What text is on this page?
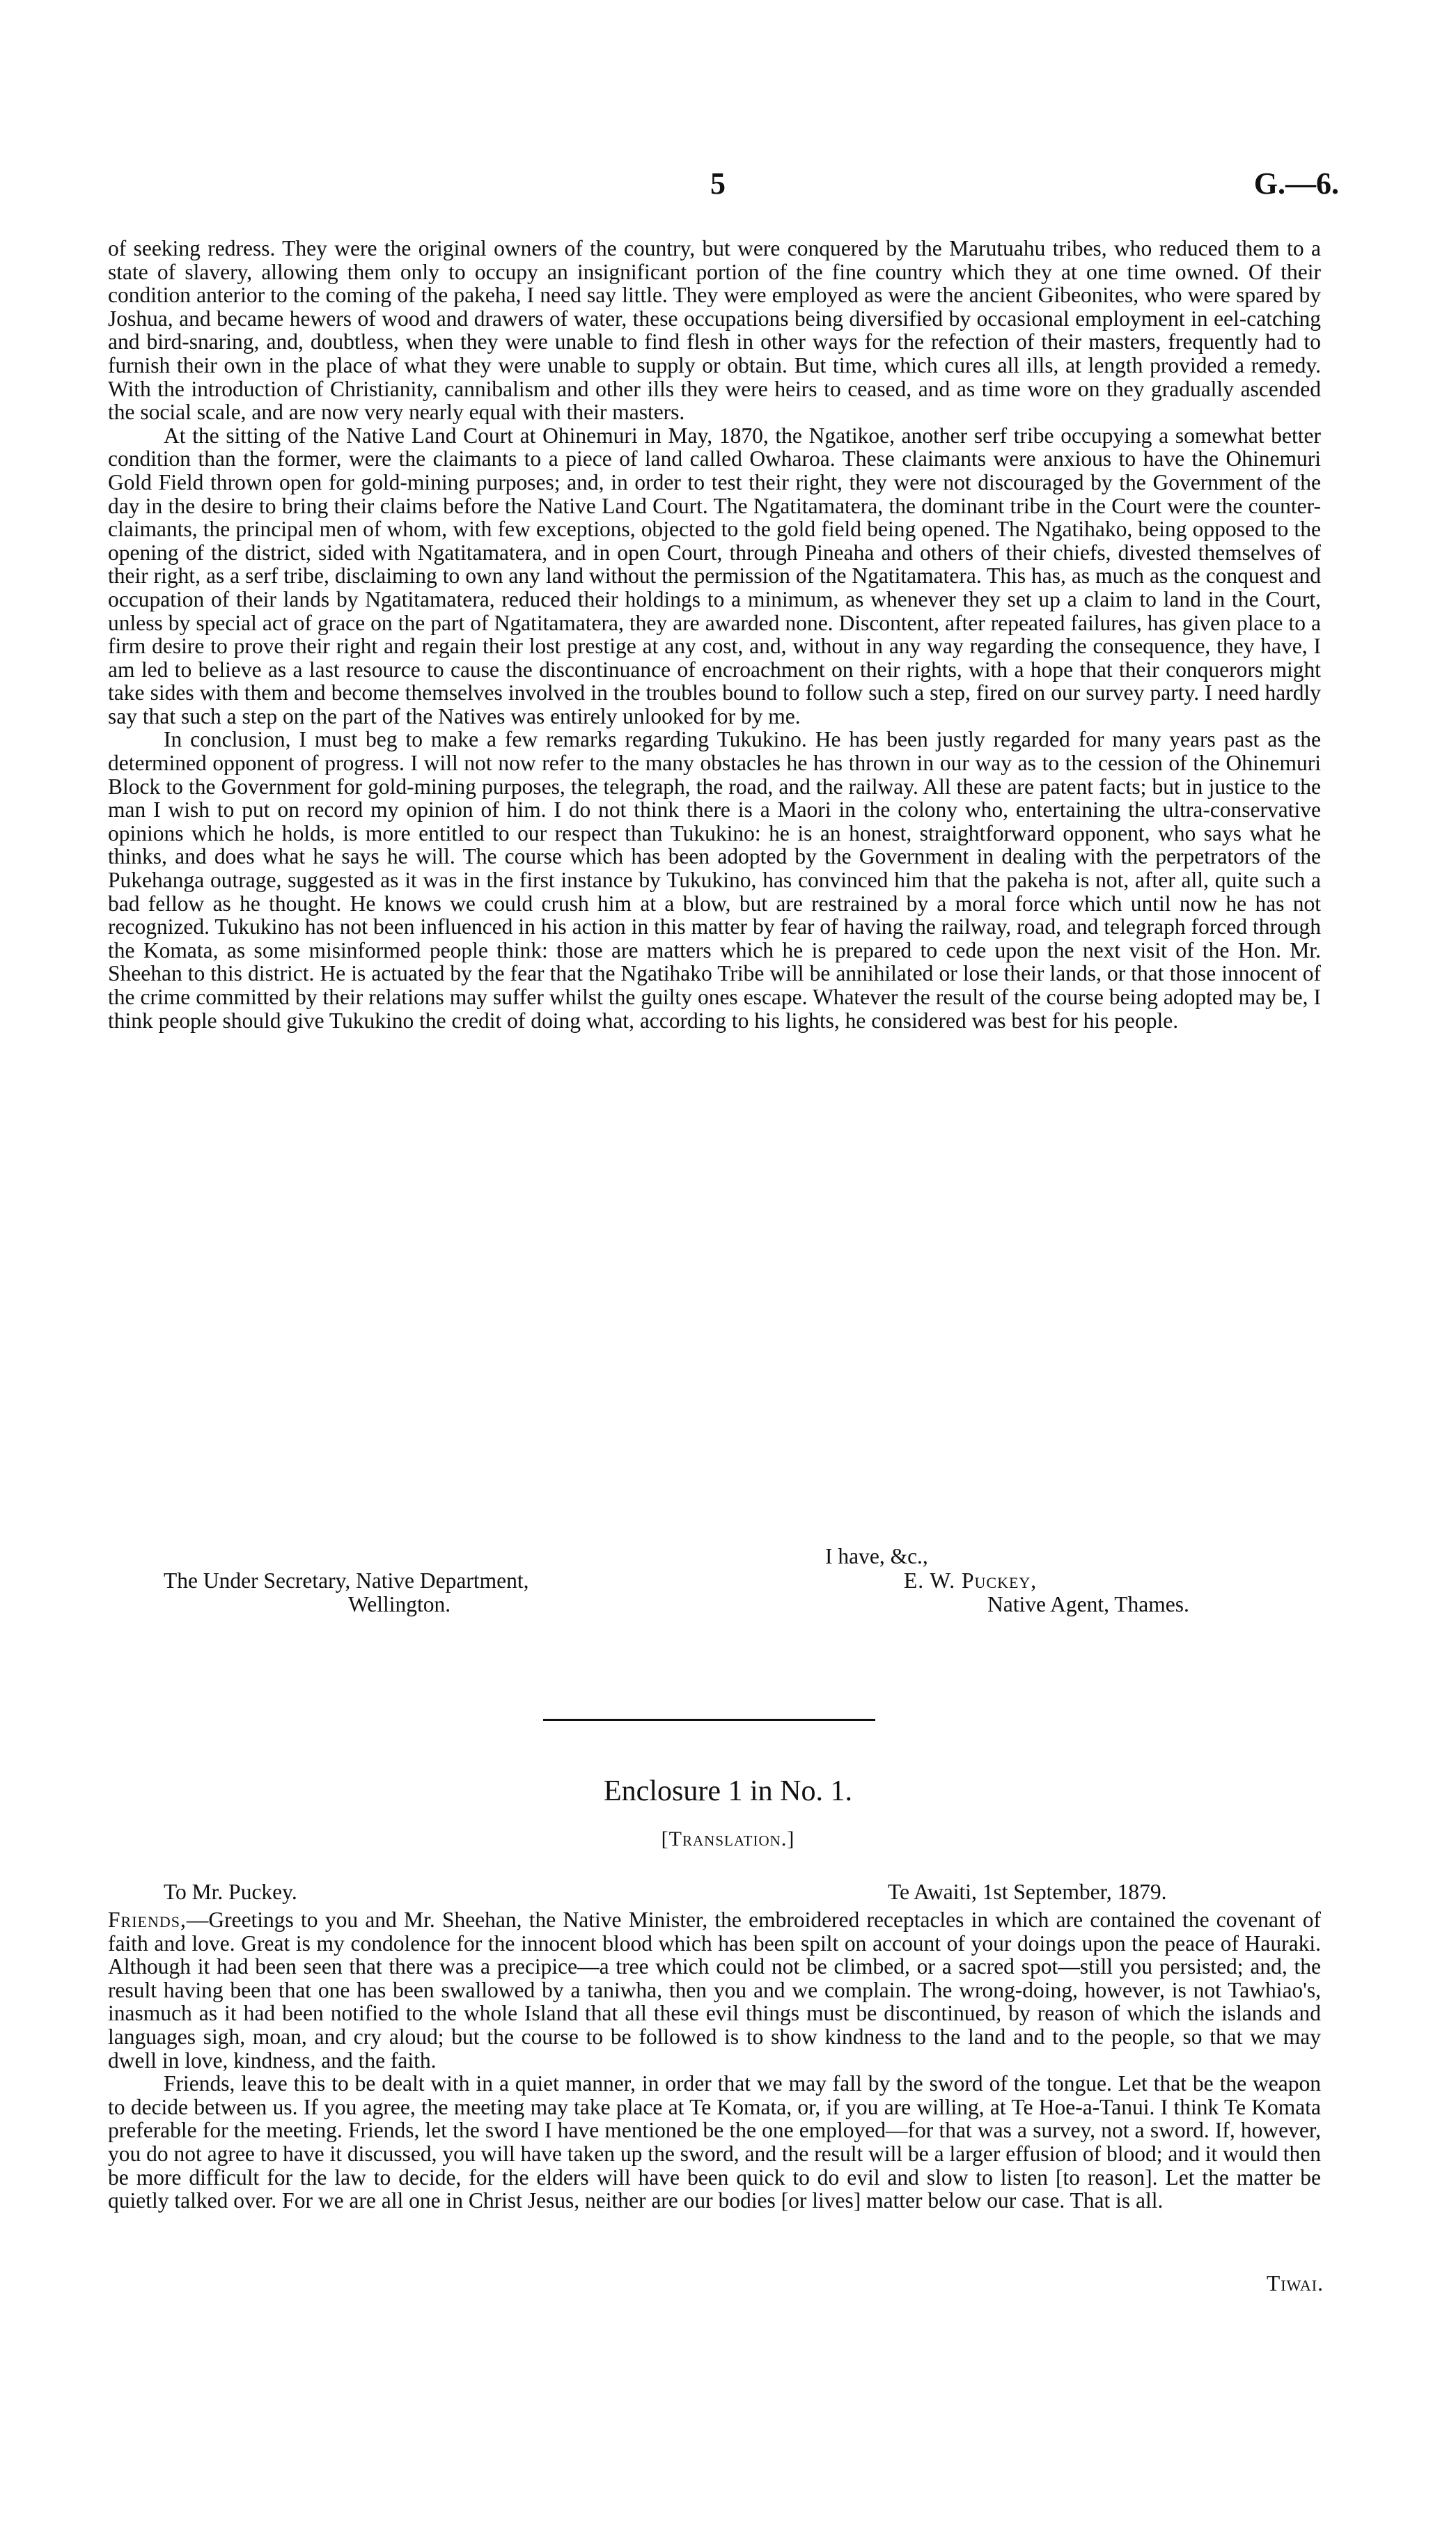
5	G.—6.

of seeking redress. They were the original owners of the country, but were conquered by the Marutuahu tribes, who reduced them to a state of slavery, allowing them only to occupy an insignificant portion of the fine country which they at one time owned. Of their condition anterior to the coming of the pakeha, I need say little. They were employed as were the ancient Gibeonites, who were spared by Joshua, and became hewers of wood and drawers of water, these occupations being diversified by occasional employment in eel-catching and bird-snaring, and, doubtless, when they were unable to find flesh in other ways for the refection of their masters, frequently had to furnish their own in the place of what they were unable to supply or obtain. But time, which cures all ills, at length provided a remedy. With the introduction of Christianity, cannibalism and other ills they were heirs to ceased, and as time wore on they gradually ascended the social scale, and are now very nearly equal with their masters.

At the sitting of the Native Land Court at Ohinemuri in May, 1870, the Ngatikoe, another serf tribe occupying a somewhat better condition than the former, were the claimants to a piece of land called Owharoa. These claimants were anxious to have the Ohinemuri Gold Field thrown open for gold-mining purposes; and, in order to test their right, they were not discouraged by the Government of the day in the desire to bring their claims before the Native Land Court. The Ngatitamatera, the dominant tribe in the Court were the counter-claimants, the principal men of whom, with few exceptions, objected to the gold field being opened. The Ngatihako, being opposed to the opening of the district, sided with Ngatitamatera, and in open Court, through Pineaha and others of their chiefs, divested themselves of their right, as a serf tribe, disclaiming to own any land without the permission of the Ngatitamatera. This has, as much as the conquest and occupation of their lands by Ngatitamatera, reduced their holdings to a minimum, as whenever they set up a claim to land in the Court, unless by special act of grace on the part of Ngatitamatera, they are awarded none. Discontent, after repeated failures, has given place to a firm desire to prove their right and regain their lost prestige at any cost, and, without in any way regarding the consequence, they have, I am led to believe as a last resource to cause the discontinuance of encroachment on their rights, with a hope that their conquerors might take sides with them and become themselves involved in the troubles bound to follow such a step, fired on our survey party. I need hardly say that such a step on the part of the Natives was entirely unlooked for by me.

In conclusion, I must beg to make a few remarks regarding Tukukino. He has been justly regarded for many years past as the determined opponent of progress. I will not now refer to the many obstacles he has thrown in our way as to the cession of the Ohinemuri Block to the Government for gold-mining purposes, the telegraph, the road, and the railway. All these are patent facts; but in justice to the man I wish to put on record my opinion of him. I do not think there is a Maori in the colony who, entertaining the ultra-conservative opinions which he holds, is more entitled to our respect than Tukukino: he is an honest, straightforward opponent, who says what he thinks, and does what he says he will. The course which has been adopted by the Government in dealing with the perpetrators of the Pukehanga outrage, suggested as it was in the first instance by Tukukino, has convinced him that the pakeha is not, after all, quite such a bad fellow as he thought. He knows we could crush him at a blow, but are restrained by a moral force which until now he has not recognized. Tukukino has not been influenced in his action in this matter by fear of having the railway, road, and telegraph forced through the Komata, as some misinformed people think: those are matters which he is prepared to cede upon the next visit of the Hon. Mr. Sheehan to this district. He is actuated by the fear that the Ngatihako Tribe will be annihilated or lose their lands, or that those innocent of the crime committed by their relations may suffer whilst the guilty ones escape. Whatever the result of the course being adopted may be, I think people should give Tukukino the credit of doing what, according to his lights, he considered was best for his people.

I have, &c.,
The Under Secretary, Native Department,
Wellington.
E. W. Puckey,
Native Agent, Thames.
Enclosure 1 in No. 1.
[Translation.]
To Mr. Puckey.	Te Awaiti, 1st September, 1879.

Friends,—Greetings to you and Mr. Sheehan, the Native Minister, the embroidered receptacles in which are contained the covenant of faith and love. Great is my condolence for the innocent blood which has been spilt on account of your doings upon the peace of Hauraki. Although it had been seen that there was a precipice—a tree which could not be climbed, or a sacred spot—still you persisted; and, the result having been that one has been swallowed by a taniwha, then you and we complain. The wrong-doing, however, is not Tawhiao's, inasmuch as it had been notified to the whole Island that all these evil things must be discontinued, by reason of which the islands and languages sigh, moan, and cry aloud; but the course to be followed is to show kindness to the land and to the people, so that we may dwell in love, kindness, and the faith.

Friends, leave this to be dealt with in a quiet manner, in order that we may fall by the sword of the tongue. Let that be the weapon to decide between us. If you agree, the meeting may take place at Te Komata, or, if you are willing, at Te Hoe-a-Tanui. I think Te Komata preferable for the meeting. Friends, let the sword I have mentioned be the one employed—for that was a survey, not a sword. If, however, you do not agree to have it discussed, you will have taken up the sword, and the result will be a larger effusion of blood; and it would then be more difficult for the law to decide, for the elders will have been quick to do evil and slow to listen [to reason]. Let the matter be quietly talked over. For we are all one in Christ Jesus, neither are our bodies [or lives] matter below our case. That is all.

Tiwai.
